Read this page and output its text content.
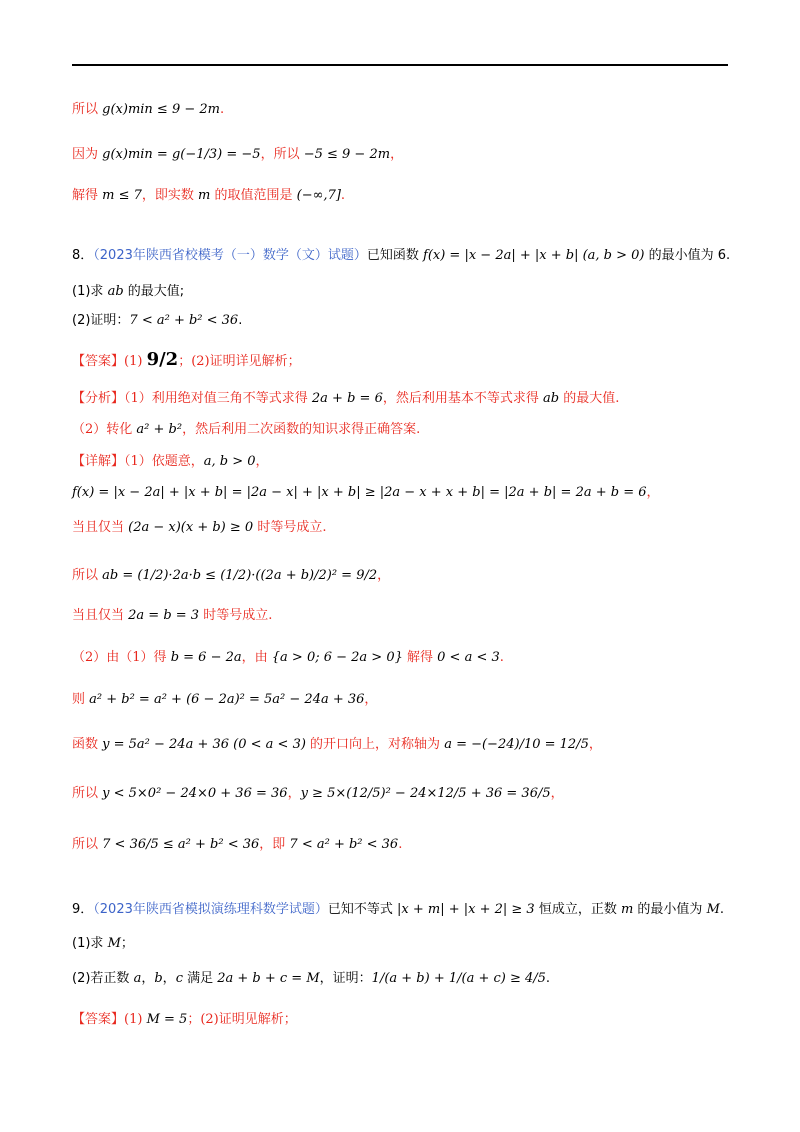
所以 g(x)min ≤ 9 − 2m.
因为 g(x)min = g(−1/3) = −5，所以 −5 ≤ 9 − 2m，
解得 m ≤ 7，即实数 m 的取值范围是 (−∞,7].
8．（2023年陕西省校模考（一）数学（文）试题）已知函数 f(x) = |x − 2a| + |x + b| (a, b > 0) 的最小值为 6.
(1)求 ab 的最大值;
(2)证明：7 < a² + b² < 36.
【答案】(1) 9/2；(2)证明详见解析；
【分析】（1）利用绝对值三角不等式求得 2a + b = 6，然后利用基本不等式求得 ab 的最大值.
（2）转化 a² + b²，然后利用二次函数的知识求得正确答案.
【详解】（1）依题意，a, b > 0，
f(x) = |x − 2a| + |x + b| = |2a − x| + |x + b| ≥ |2a − x + x + b| = |2a + b| = 2a + b = 6，
当且仅当 (2a − x)(x + b) ≥ 0 时等号成立.
所以 ab = (1/2)·2a·b ≤ (1/2)·((2a + b)/2)² = 9/2，
当且仅当 2a = b = 3 时等号成立.
（2）由（1）得 b = 6 − 2a，由 {a > 0; 6 − 2a > 0} 解得 0 < a < 3.
则 a² + b² = a² + (6 − 2a)² = 5a² − 24a + 36，
函数 y = 5a² − 24a + 36 (0 < a < 3) 的开口向上，对称轴为 a = −(−24)/10 = 12/5，
所以 y < 5×0² − 24×0 + 36 = 36，y ≥ 5×(12/5)² − 24×12/5 + 36 = 36/5，
所以 7 < 36/5 ≤ a² + b² < 36，即 7 < a² + b² < 36.
9．（2023年陕西省模拟演练理科数学试题）已知不等式 |x + m| + |x + 2| ≥ 3 恒成立，正数 m 的最小值为 M.
(1)求 M；
(2)若正数 a，b，c 满足 2a + b + c = M，证明：1/(a + b) + 1/(a + c) ≥ 4/5.
【答案】(1) M = 5；(2)证明见解析；
